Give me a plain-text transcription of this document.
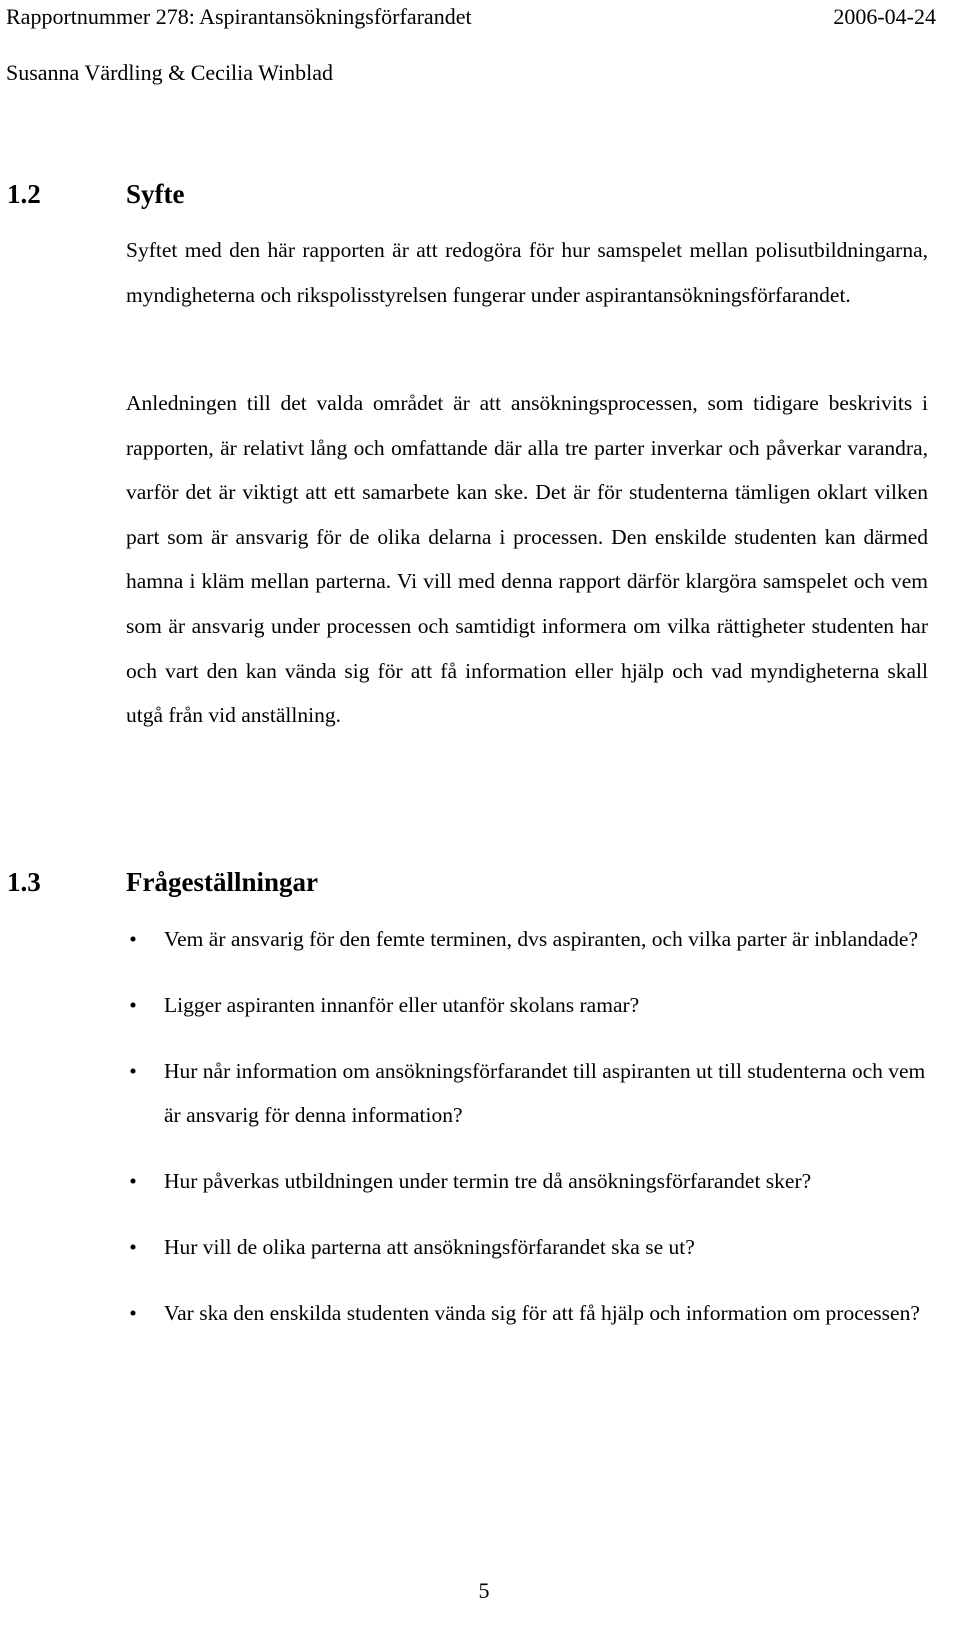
Rapportnummer 278: Aspirantansökningsförfarandet	2006-04-24
Susanna Värdling & Cecilia Winblad
1.2	Syfte

Syftet med den här rapporten är att redogöra för hur samspelet mellan polisutbildningarna, myndigheterna och rikspolisstyrelsen fungerar under aspirantansökningsförfarandet.

Anledningen till det valda området är att ansökningsprocessen, som tidigare beskrivits i rapporten, är relativt lång och omfattande där alla tre parter inverkar och påverkar varandra, varför det är viktigt att ett samarbete kan ske. Det är för studenterna tämligen oklart vilken part som är ansvarig för de olika delarna i processen. Den enskilde studenten kan därmed hamna i kläm mellan parterna. Vi vill med denna rapport därför klargöra samspelet och vem som är ansvarig under processen och samtidigt informera om vilka rättigheter studenten har och vart den kan vända sig för att få information eller hjälp och vad myndigheterna skall utgå från vid anställning.

1.3	Frågeställningar
• Vem är ansvarig för den femte terminen, dvs aspiranten, och vilka parter är inblandade?
• Ligger aspiranten innanför eller utanför skolans ramar?
• Hur når information om ansökningsförfarandet till aspiranten ut till studenterna och vem är ansvarig för denna information?
• Hur påverkas utbildningen under termin tre då ansökningsförfarandet sker?
• Hur vill de olika parterna att ansökningsförfarandet ska se ut?
• Var ska den enskilda studenten vända sig för att få hjälp och information om processen?
5
